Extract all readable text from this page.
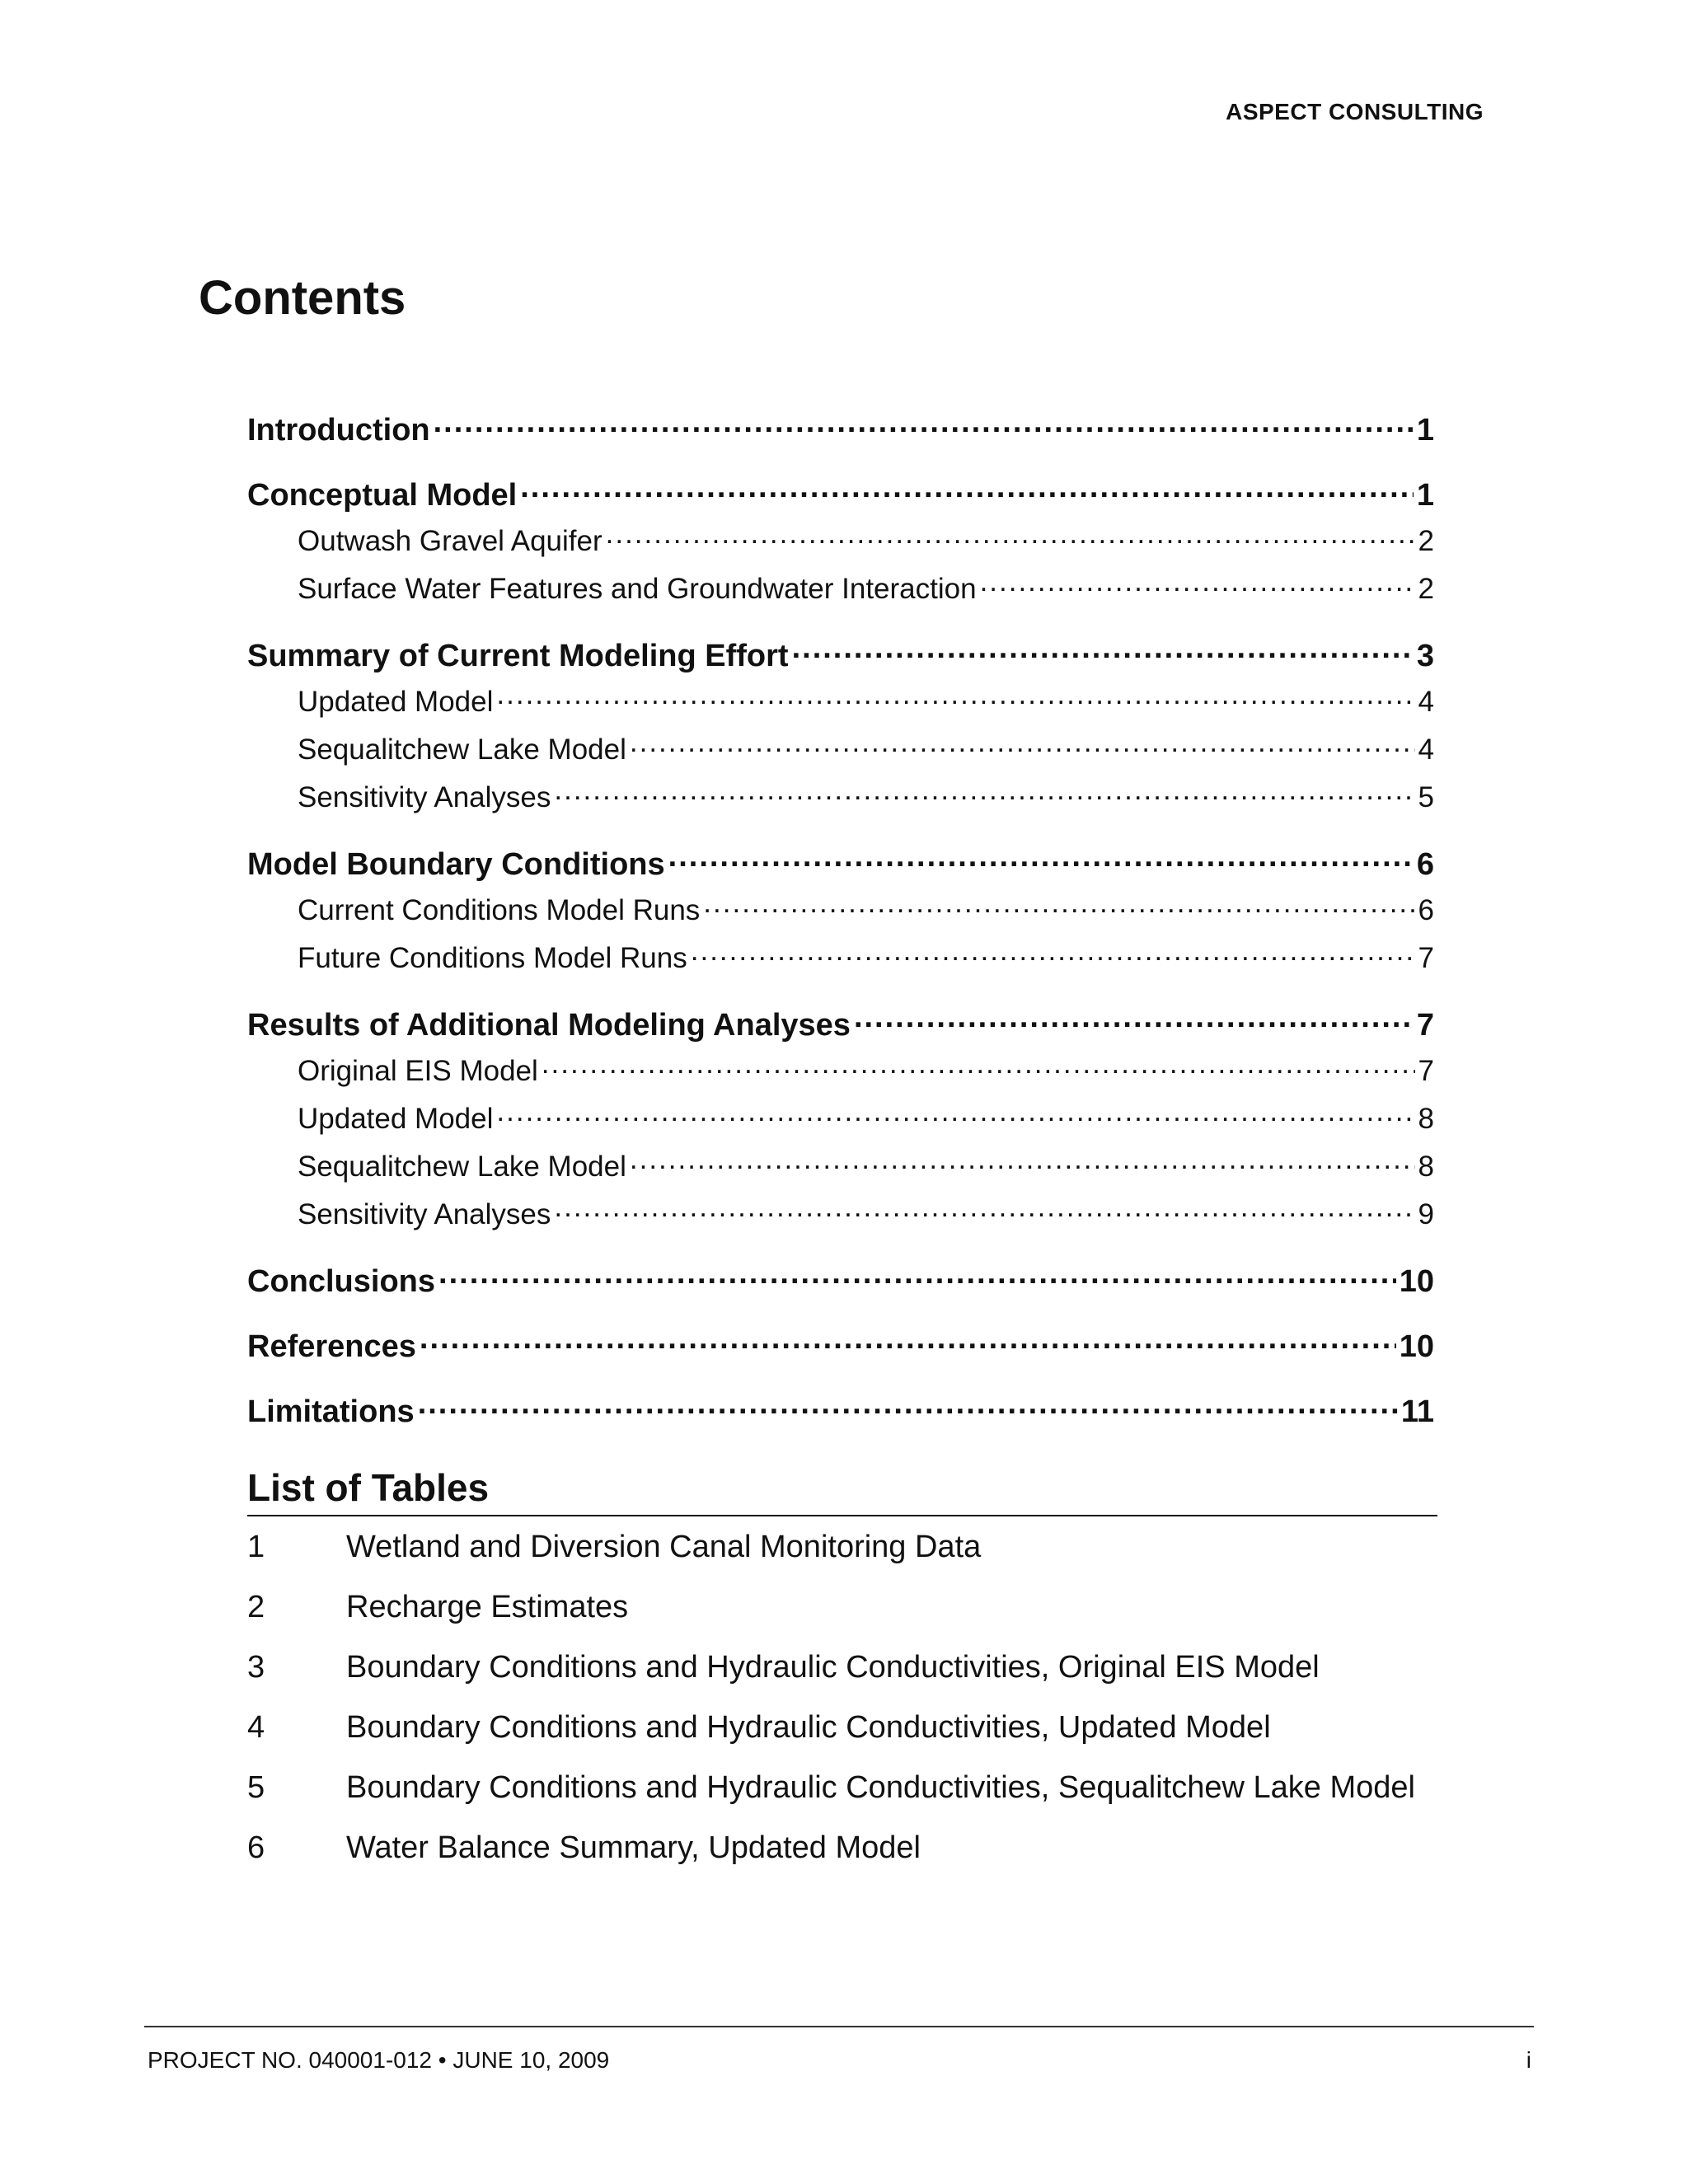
ASPECT CONSULTING
Contents
Introduction .....	1
Conceptual Model .....	1
Outwash Gravel Aquifer .....	2
Surface Water Features and Groundwater Interaction .....	2
Summary of Current Modeling Effort .....	3
Updated Model .....	4
Sequalitchew Lake Model .....	4
Sensitivity Analyses .....	5
Model Boundary Conditions .....	6
Current Conditions Model Runs .....	6
Future Conditions Model Runs .....	7
Results of Additional Modeling Analyses .....	7
Original EIS Model .....	7
Updated Model .....	8
Sequalitchew Lake Model .....	8
Sensitivity Analyses .....	9
Conclusions .....	10
References .....	10
Limitations .....	11
List of Tables
1	Wetland and Diversion Canal Monitoring Data
2	Recharge Estimates
3	Boundary Conditions and Hydraulic Conductivities, Original EIS Model
4	Boundary Conditions and Hydraulic Conductivities, Updated Model
5	Boundary Conditions and Hydraulic Conductivities, Sequalitchew Lake Model
6	Water Balance Summary, Updated Model
PROJECT NO. 040001-012 • JUNE 10, 2009	i
